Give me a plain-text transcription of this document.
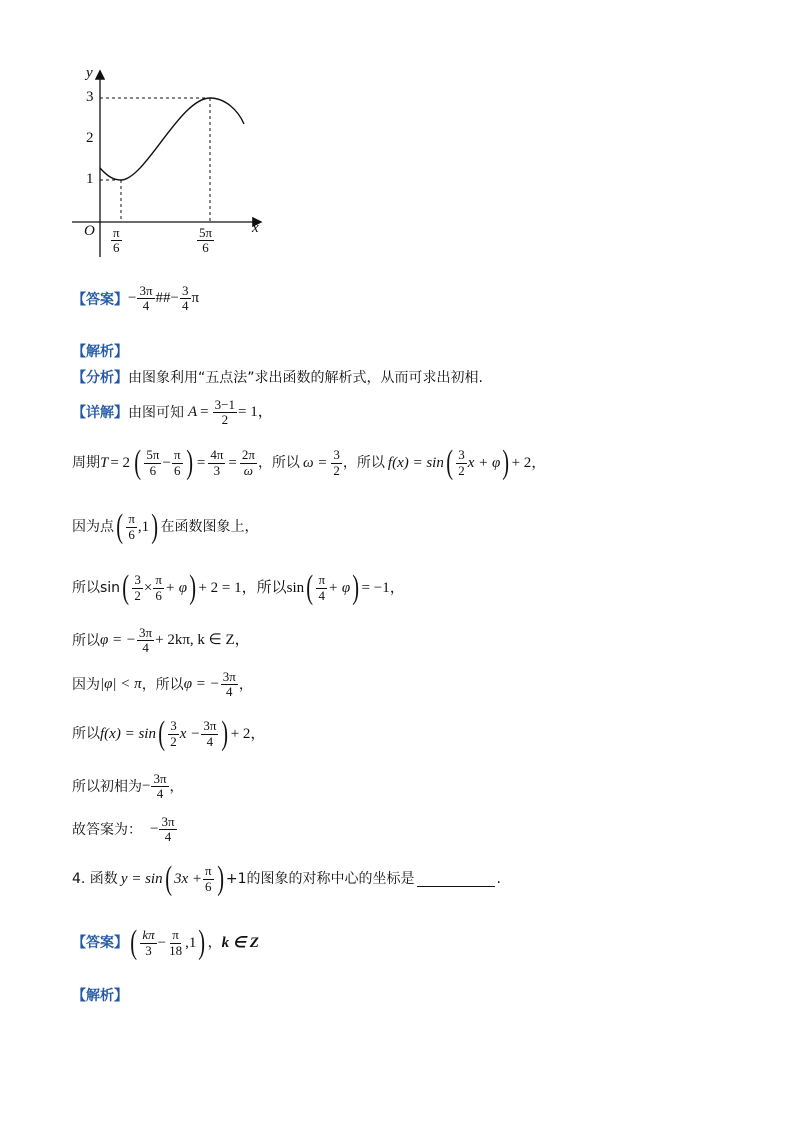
y
x
O
3
2
1
$\frac{\pi}{6}$	$\frac{5\pi}{6}$
【答案】 − $\frac{3\pi}{4}$ ##− $\frac{3}{4}$ π
【解析】
【分析】 由图象利用“五点法”求出函数的解析式，从而可求出初相.
【详解】 由图可知 $A = \frac{3-1}{2} = 1$，
周期 T = 2 ( $\frac{5\pi}{6} - \frac{\pi}{6}$ ) = $\frac{4\pi}{3} = \frac{2\pi}{\omega}$ ，所以 $\omega = \frac{3}{2}$ ，所以 f(x) = sin ( $\frac{3}{2}$ x + φ ) + 2，
因为点 ( $\frac{\pi}{6} ,1$ ) 在函数图象上，
所以sin ( $\frac{3}{2} \times \frac{\pi}{6} + \varphi$ ) + 2 = 1，所以sin ( $\frac{\pi}{4} + \varphi$ ) = −1，
所以 φ = − $\frac{3\pi}{4} + 2k\pi$, k ∈ Z，
因为 |φ| < π ，所以 φ = − $\frac{3\pi}{4}$ ，
所以 f(x) = sin ( $\frac{3}{2}$ $x - \frac{3\pi}{4}$ ) + 2，
所以初相为 − $\frac{3\pi}{4}$ ，
故答案为： − $\frac{3\pi}{4}$
4. 函数 y = sin ( $3x + \frac{\pi}{6}$ ) +1的图象的对称中心的坐标是	.
【答案】 ( $\frac{k\pi}{3} - \frac{\pi}{18} ,1$ ) ， k ∈ Z
【解析】
